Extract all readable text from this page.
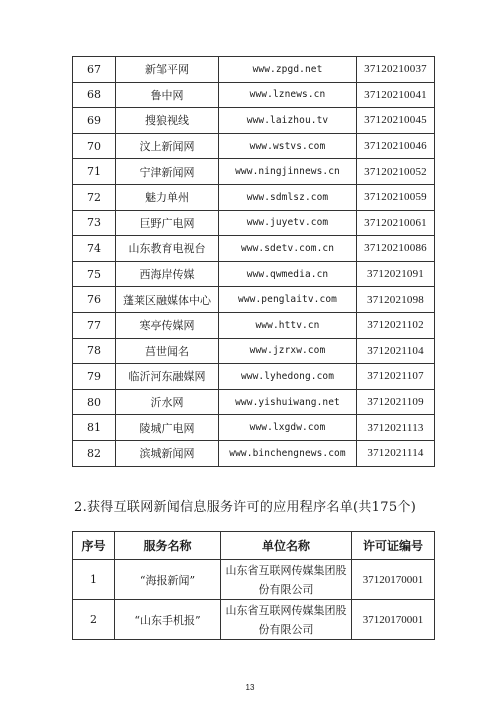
67	新邹平网	www.zpgd.net	37120210037
68	鲁中网	www.lznews.cn	37120210041
69	搜狼视线	www.laizhou.tv	37120210045
70	汶上新闻网	www.wstvs.com	37120210046
71	宁津新闻网	www.ningjinnews.cn	37120210052
72	魅力单州	www.sdmlsz.com	37120210059
73	巨野广电网	www.juyetv.com	37120210061
74	山东教育电视台	www.sdetv.com.cn	37120210086
75	西海岸传媒	www.qwmedia.cn	3712021091
76	蓬莱区融媒体中心	www.penglaitv.com	3712021098
77	寒亭传媒网	www.httv.cn	3712021102
78	莒世闻名	www.jzrxw.com	3712021104
79	临沂河东融媒网	www.lyhedong.com	3712021107
80	沂水网	www.yishuiwang.net	3712021109
81	陵城广电网	www.lxgdw.com	3712021113
82	滨城新闻网	www.binchengnews.com	3712021114
2.获得互联网新闻信息服务许可的应用程序名单(共175个)
序号	服务名称	单位名称	许可证编号
1	“海报新闻”	山东省互联网传媒集团股份有限公司	37120170001
2	“山东手机报”	山东省互联网传媒集团股份有限公司	37120170001
13
